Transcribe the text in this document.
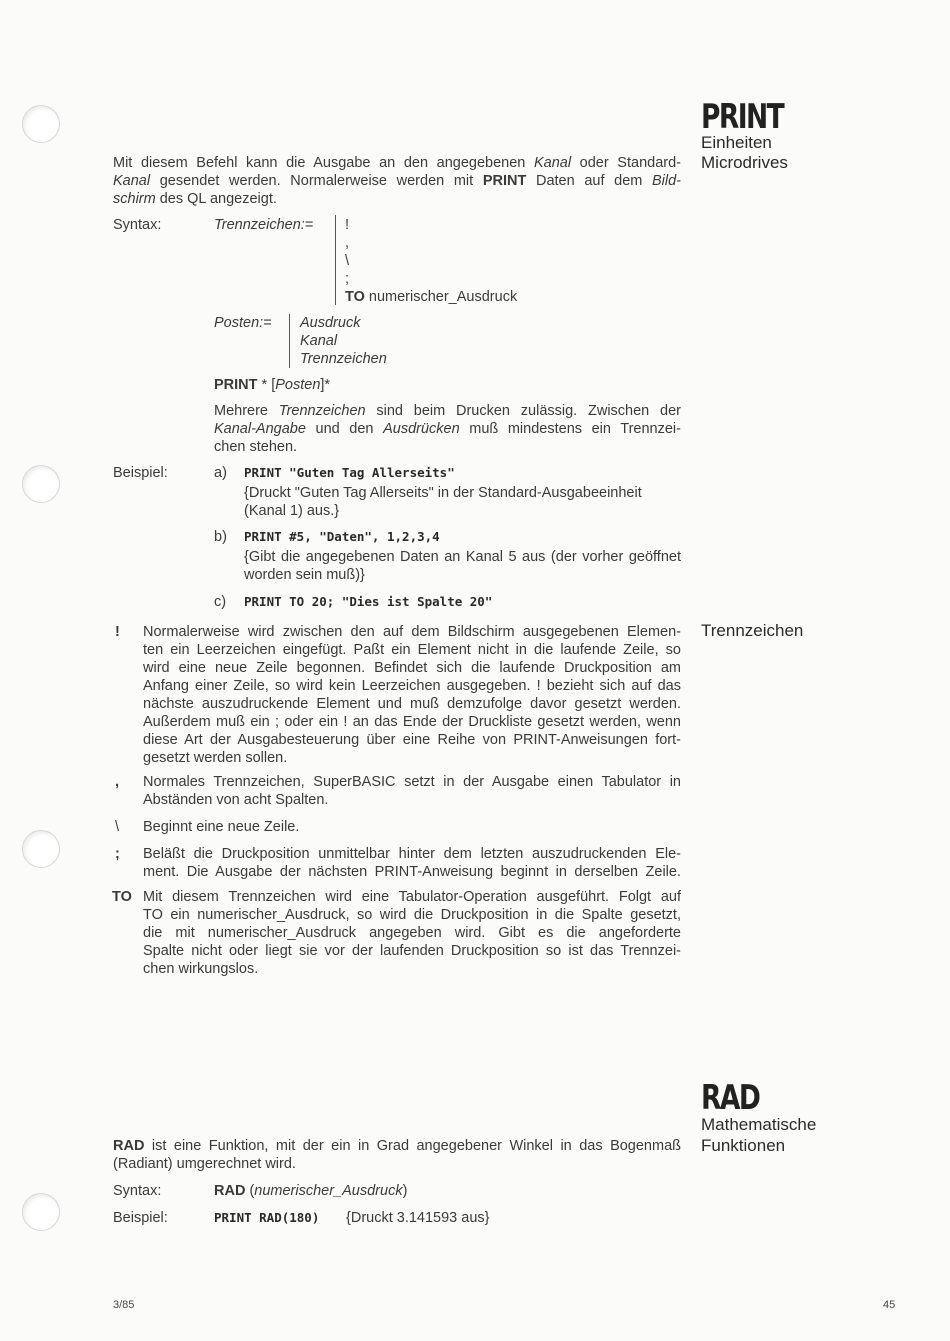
PRINT
Einheiten
Microdrives
Mit diesem Befehl kann die Ausgabe an den angegebenen Kanal oder Standard-
Kanal gesendet werden. Normalerweise werden mit PRINT Daten auf dem Bild-
schirm des QL angezeigt.
Syntax:	Trennzeichen:= !
,
\
;
TO numerischer_Ausdruck
Posten:= Ausdruck
Kanal
Trennzeichen
PRINT * [Posten]*
Mehrere Trennzeichen sind beim Drucken zulässig. Zwischen der
Kanal-Angabe und den Ausdrücken muß mindestens ein Trennzei-
chen stehen.
Beispiel:	a) PRINT "Guten Tag Allerseits"
{Druckt "Guten Tag Allerseits" in der Standard-Ausgabeeinheit
(Kanal 1) aus.}
b) PRINT #5, "Daten", 1,2,3,4
{Gibt die angegebenen Daten an Kanal 5 aus (der vorher geöffnet
worden sein muß)}
c) PRINT TO 20; "Dies ist Spalte 20"
Trennzeichen
! Normalerweise wird zwischen den auf dem Bildschirm ausgegebenen Elemen-
ten ein Leerzeichen eingefügt. Paßt ein Element nicht in die laufende Zeile, so
wird eine neue Zeile begonnen. Befindet sich die laufende Druckposition am
Anfang einer Zeile, so wird kein Leerzeichen ausgegeben. ! bezieht sich auf das
nächste auszudruckende Element und muß demzufolge davor gesetzt werden.
Außerdem muß ein ; oder ein ! an das Ende der Druckliste gesetzt werden, wenn
diese Art der Ausgabesteuerung über eine Reihe von PRINT-Anweisungen fort-
gesetzt werden sollen.
, Normales Trennzeichen, SuperBASIC setzt in der Ausgabe einen Tabulator in
Abständen von acht Spalten.
\ Beginnt eine neue Zeile.
; Beläßt die Druckposition unmittelbar hinter dem letzten auszudruckenden Ele-
ment. Die Ausgabe der nächsten PRINT-Anweisung beginnt in derselben Zeile.
TO Mit diesem Trennzeichen wird eine Tabulator-Operation ausgeführt. Folgt auf
TO ein numerischer_Ausdruck, so wird die Druckposition in die Spalte gesetzt,
die mit numerischer_Ausdruck angegeben wird. Gibt es die angeforderte
Spalte nicht oder liegt sie vor der laufenden Druckposition so ist das Trennzei-
chen wirkungslos.
RAD
Mathematische
Funktionen
RAD ist eine Funktion, mit der ein in Grad angegebener Winkel in das Bogenmaß
(Radiant) umgerechnet wird.
Syntax:	RAD (numerischer_Ausdruck)
Beispiel:	PRINT RAD(180) {Druckt 3.141593 aus}
3/85	45
